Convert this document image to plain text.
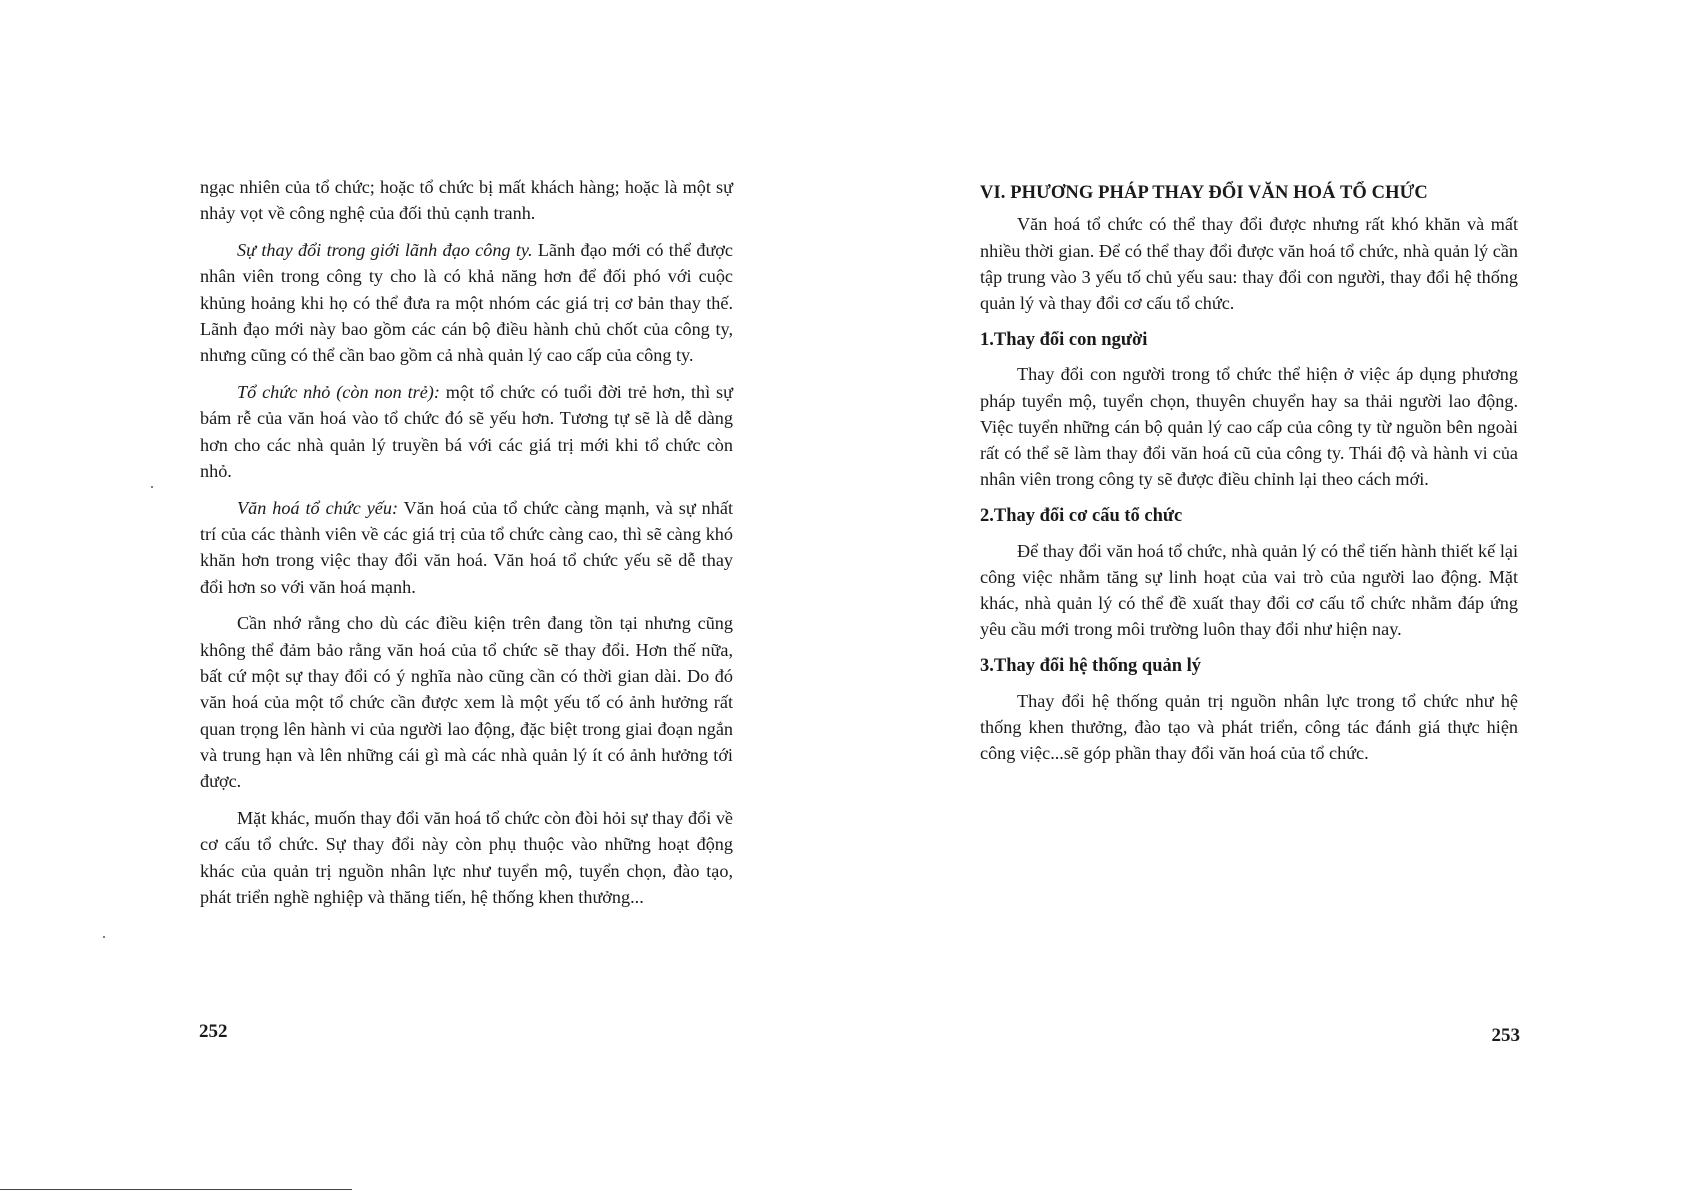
ngạc nhiên của tổ chức; hoặc tổ chức bị mất khách hàng; hoặc là một sự nhảy vọt về công nghệ của đối thủ cạnh tranh.

Sự thay đổi trong giới lãnh đạo công ty. Lãnh đạo mới có thể được nhân viên trong công ty cho là có khả năng hơn để đối phó với cuộc khủng hoảng khi họ có thể đưa ra một nhóm các giá trị cơ bản thay thế. Lãnh đạo mới này bao gồm các cán bộ điều hành chủ chốt của công ty, nhưng cũng có thể cần bao gồm cả nhà quản lý cao cấp của công ty.

Tổ chức nhỏ (còn non trẻ): một tổ chức có tuổi đời trẻ hơn, thì sự bám rễ của văn hoá vào tổ chức đó sẽ yếu hơn. Tương tự sẽ là dễ dàng hơn cho các nhà quản lý truyền bá với các giá trị mới khi tổ chức còn nhỏ.

Văn hoá tổ chức yếu: Văn hoá của tổ chức càng mạnh, và sự nhất trí của các thành viên về các giá trị của tổ chức càng cao, thì sẽ càng khó khăn hơn trong việc thay đổi văn hoá. Văn hoá tổ chức yếu sẽ dễ thay đổi hơn so với văn hoá mạnh.

Cần nhớ rằng cho dù các điều kiện trên đang tồn tại nhưng cũng không thể đảm bảo rằng văn hoá của tổ chức sẽ thay đổi. Hơn thế nữa, bất cứ một sự thay đổi có ý nghĩa nào cũng cần có thời gian dài. Do đó văn hoá của một tổ chức cần được xem là một yếu tố có ảnh hưởng rất quan trọng lên hành vi của người lao động, đặc biệt trong giai đoạn ngắn và trung hạn và lên những cái gì mà các nhà quản lý ít có ảnh hưởng tới được.

Mặt khác, muốn thay đổi văn hoá tổ chức còn đòi hỏi sự thay đổi về cơ cấu tổ chức. Sự thay đổi này còn phụ thuộc vào những hoạt động khác của quản trị nguồn nhân lực như tuyển mộ, tuyển chọn, đào tạo, phát triển nghề nghiệp và thăng tiến, hệ thống khen thưởng...

252
VI. PHƯƠNG PHÁP THAY ĐỔI VĂN HOÁ TỔ CHỨC

Văn hoá tổ chức có thể thay đổi được nhưng rất khó khăn và mất nhiều thời gian. Để có thể thay đổi được văn hoá tổ chức, nhà quản lý cần tập trung vào 3 yếu tố chủ yếu sau: thay đổi con người, thay đổi hệ thống quản lý và thay đổi cơ cấu tổ chức.

1.Thay đổi con người

Thay đổi con người trong tổ chức thể hiện ở việc áp dụng phương pháp tuyển mộ, tuyển chọn, thuyên chuyển hay sa thải người lao động. Việc tuyển những cán bộ quản lý cao cấp của công ty từ nguồn bên ngoài rất có thể sẽ làm thay đổi văn hoá cũ của công ty. Thái độ và hành vi của nhân viên trong công ty sẽ được điều chỉnh lại theo cách mới.

2.Thay đổi cơ cấu tổ chức

Để thay đổi văn hoá tổ chức, nhà quản lý có thể tiến hành thiết kế lại công việc nhằm tăng sự linh hoạt của vai trò của người lao động. Mặt khác, nhà quản lý có thể đề xuất thay đổi cơ cấu tổ chức nhằm đáp ứng yêu cầu mới trong môi trường luôn thay đổi như hiện nay.

3.Thay đổi hệ thống quản lý

Thay đổi hệ thống quản trị nguồn nhân lực trong tổ chức như hệ thống khen thưởng, đào tạo và phát triển, công tác đánh giá thực hiện công việc...sẽ góp phần thay đổi văn hoá của tổ chức.

253
